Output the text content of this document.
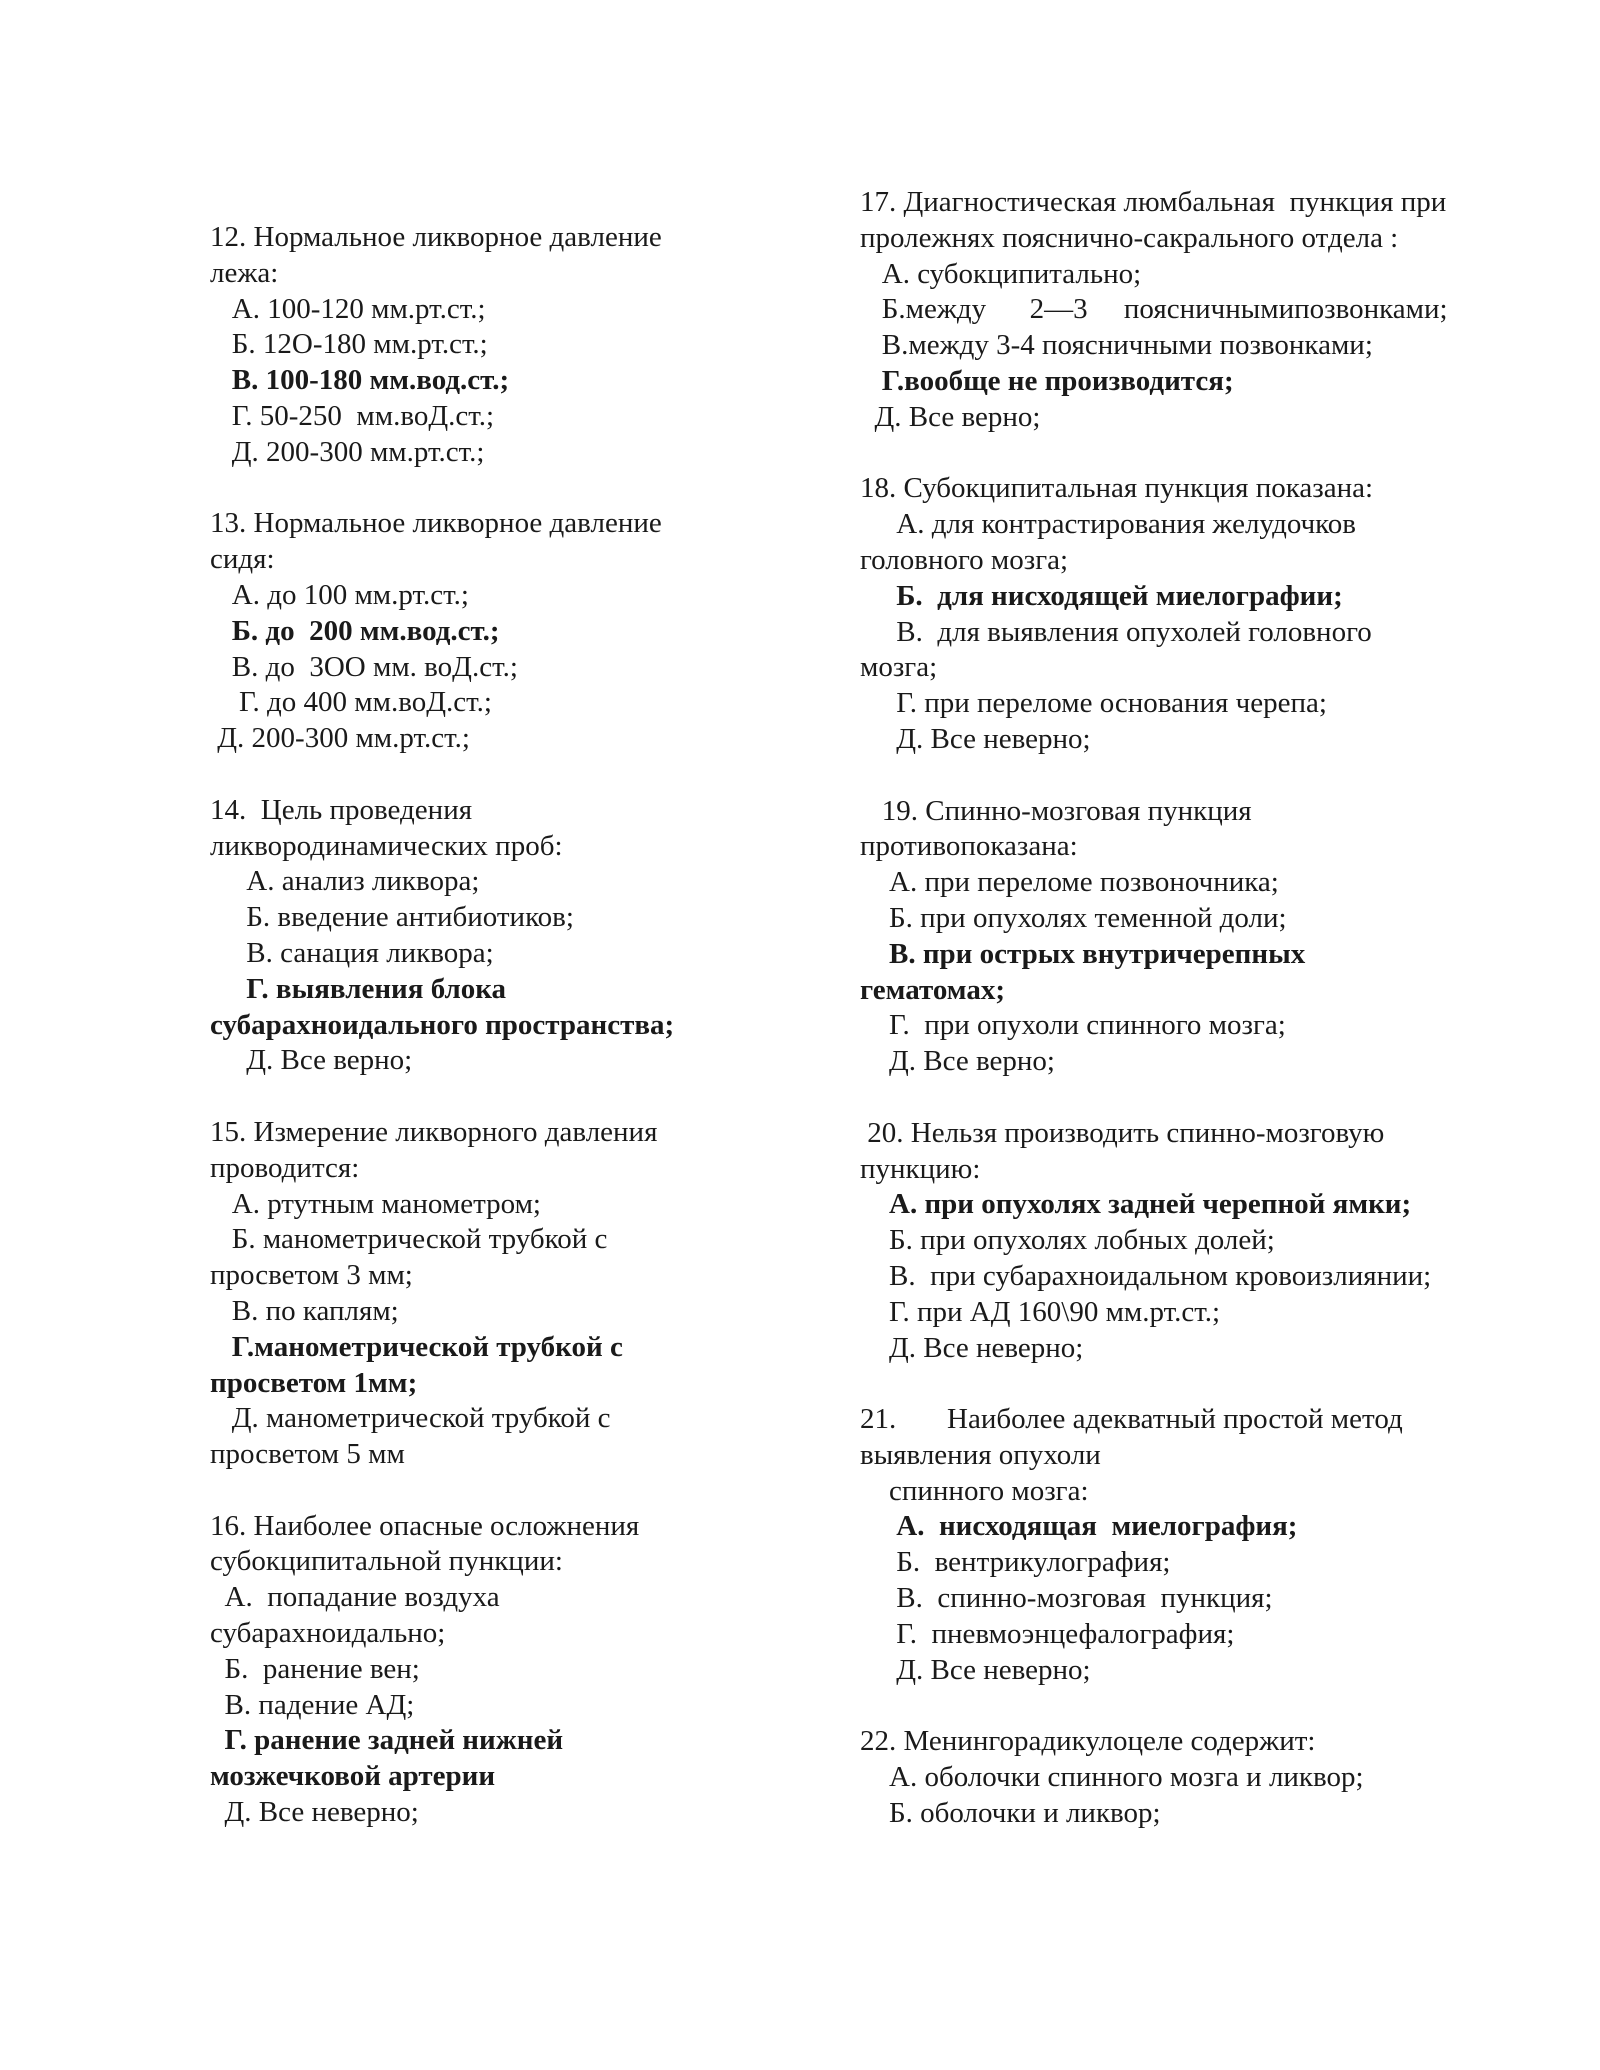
12. Нормальное ликворное давление
лежа:
А. 100-120 мм.рт.ст.;
Б. 12О-180 мм.рт.ст.;
В. 100-180 мм.вод.ст.;
Г. 50-250  мм.воД.ст.;
Д. 200-300 мм.рт.ст.;
13. Нормальное ликворное давление
сидя:
А. до 100 мм.рт.ст.;
Б. до  200 мм.вод.ст.;
В. до  3ОО мм. воД.ст.;
Г. до 400 мм.воД.ст.;
Д. 200-300 мм.рт.ст.;
14.  Цель проведения
ликвородинамических проб:
А. анализ ликвора;
Б. введение антибиотиков;
В. санация ликвора;
Г. выявления блока
субарахноидального пространства;
Д. Все верно;
15. Измерение ликворного давления
проводится:
А. ртутным манометром;
Б. манометрической трубкой с
просветом 3 мм;
В. по каплям;
Г.манометрической трубкой с
просветом 1мм;
Д. манометрической трубкой с
просветом 5 мм
16. Наиболее опасные осложнения
субокципитальной пункции:
А.  попадание воздуха
субарахноидально;
Б.  ранение вен;
В. падение АД;
Г. ранение задней нижней
мозжечковой артерии
Д. Все неверно;
17. Диагностическая люмбальная  пункция при
пролежнях пояснично-сакрального отдела :
А. субокципитально;
Б.между      2—3     поясничнымипозвонками;
В.между 3-4 поясничными позвонками;
Г.вообще не производится;
Д. Все верно;
18. Субокципитальная пункция показана:
А. для контрастирования желудочков
головного мозга;
Б.  для нисходящей миелографии;
В.  для выявления опухолей головного
мозга;
Г. при переломе основания черепа;
Д. Все неверно;
19. Спинно-мозговая пункция
противопоказана:
А. при переломе позвоночника;
Б. при опухолях теменной доли;
В. при острых внутричерепных
гематомах;
Г.  при опухоли спинного мозга;
Д. Все верно;
20. Нельзя производить спинно-мозговую
пункцию:
А. при опухолях задней черепной ямки;
Б. при опухолях лобных долей;
В.  при субарахноидальном кровоизлиянии;
Г. при АД 160\90 мм.рт.ст.;
Д. Все неверно;
21.       Наиболее адекватный простой метод
выявления опухоли
спинного мозга:
А.  нисходящая  миелография;
Б.  вентрикулография;
В.  спинно-мозговая  пункция;
Г.  пневмоэнцефалография;
Д. Все неверно;
22. Менингорадикулоцеле содержит:
А. оболочки спинного мозга и ликвор;
Б. оболочки и ликвор;
